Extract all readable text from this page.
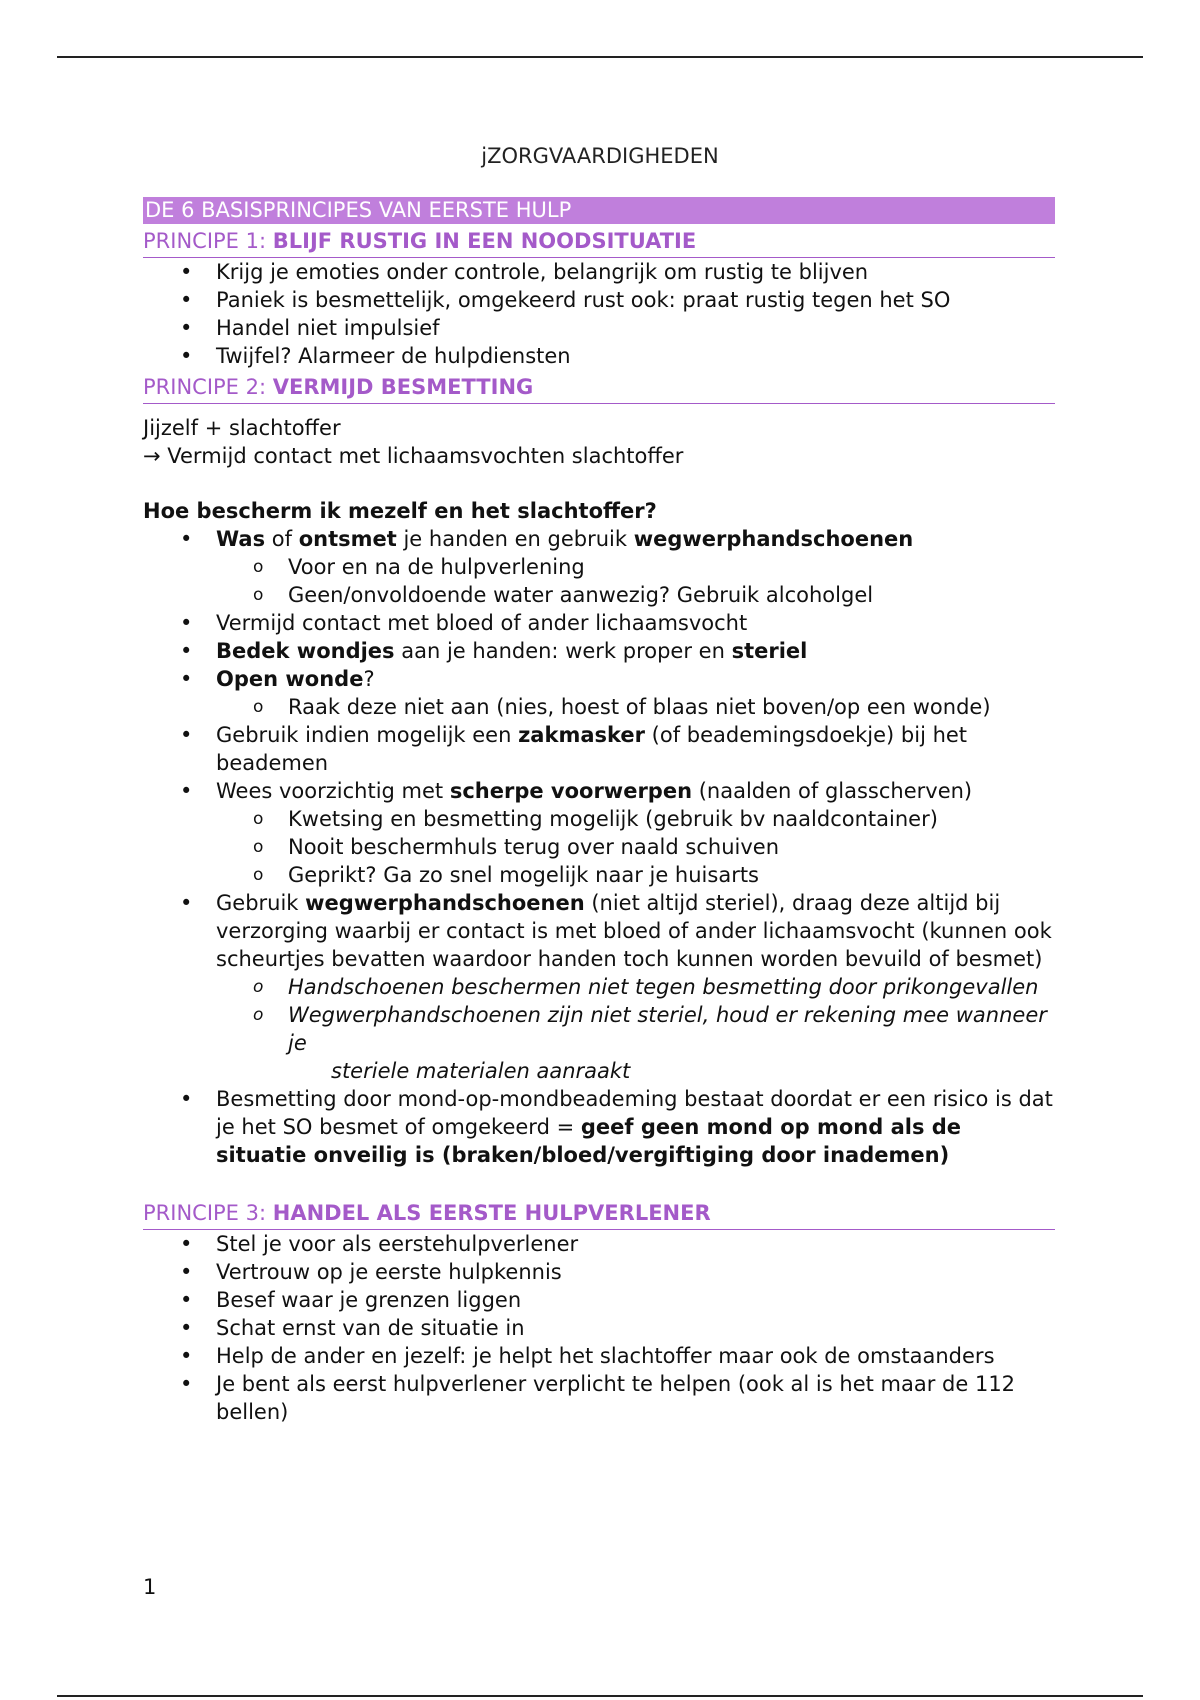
jZORGVAARDIGHEDEN
DE 6 BASISPRINCIPES VAN EERSTE HULP
PRINCIPE 1: BLIJF RUSTIG IN EEN NOODSITUATIE
• Krijg je emoties onder controle, belangrijk om rustig te blijven
• Paniek is besmettelijk, omgekeerd rust ook: praat rustig tegen het SO
• Handel niet impulsief
• Twijfel? Alarmeer de hulpdiensten
PRINCIPE 2: VERMIJD BESMETTING
Jijzelf + slachtoffer
→ Vermijd contact met lichaamsvochten slachtoffer
Hoe bescherm ik mezelf en het slachtoffer?
• Was of ontsmet je handen en gebruik wegwerphandschoenen
o Voor en na de hulpverlening
o Geen/onvoldoende water aanwezig? Gebruik alcoholgel
• Vermijd contact met bloed of ander lichaamsvocht
• Bedek wondjes aan je handen: werk proper en steriel
• Open wonde?
o Raak deze niet aan (nies, hoest of blaas niet boven/op een wonde)
• Gebruik indien mogelijk een zakmasker (of beademingsdoekje) bij het beademen
• Wees voorzichtig met scherpe voorwerpen (naalden of glasscherven)
o Kwetsing en besmetting mogelijk (gebruik bv naaldcontainer)
o Nooit beschermhuls terug over naald schuiven
o Geprikt? Ga zo snel mogelijk naar je huisarts
• Gebruik wegwerphandschoenen (niet altijd steriel), draag deze altijd bij verzorging waarbij er contact is met bloed of ander lichaamsvocht (kunnen ook scheurtjes bevatten waardoor handen toch kunnen worden bevuild of besmet)
o Handschoenen beschermen niet tegen besmetting door prikongevallen
o Wegwerphandschoenen zijn niet steriel, houd er rekening mee wanneer je
steriele materialen aanraakt
• Besmetting door mond-op-mondbeademing bestaat doordat er een risico is dat je het SO besmet of omgekeerd = geef geen mond op mond als de situatie onveilig is (braken/bloed/vergiftiging door inademen)
PRINCIPE 3: HANDEL ALS EERSTE HULPVERLENER
• Stel je voor als eerstehulpverlener
• Vertrouw op je eerste hulpkennis
• Besef waar je grenzen liggen
• Schat ernst van de situatie in
• Help de ander en jezelf: je helpt het slachtoffer maar ook de omstaanders
• Je bent als eerst hulpverlener verplicht te helpen (ook al is het maar de 112 bellen)
1
